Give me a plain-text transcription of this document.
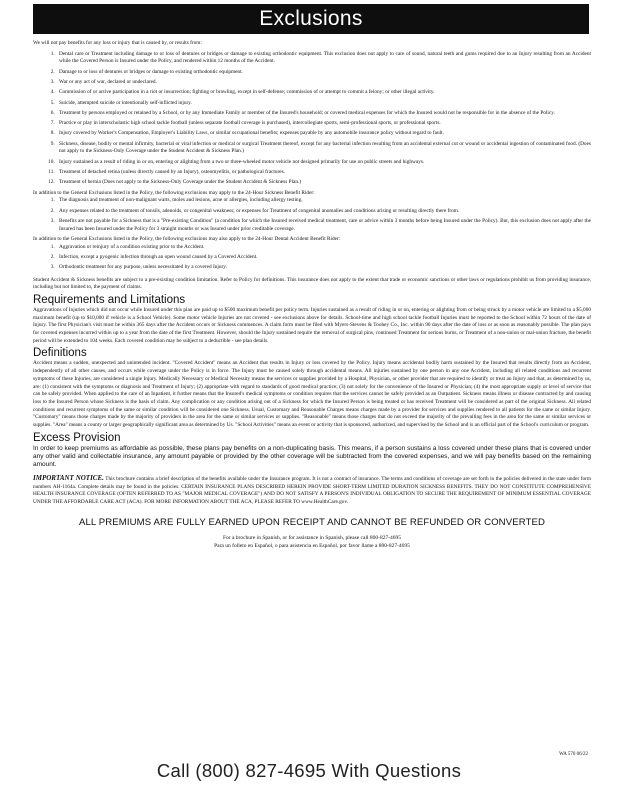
Exclusions

We will not pay benefits for any loss or injury that is caused by, or results from:

1. Dental care or Treatment including damage to or loss of dentures or bridges or damage to existing orthodontic equipment. This exclusion does not apply to care of sound, natural teeth and gums required due to an Injury resulting from an Accident while the Covered Person is Insured under the Policy, and rendered within 12 months of the Accident.
2. Damage to or loss of dentures or bridges or damage to existing orthodontic equipment.
3. War or any act of war, declared or undeclared.
4. Commission of or active participation in a riot or insurrection; fighting or brawling, except in self-defense; commission of or attempt to commit a felony; or other illegal activity.
5. Suicide, attempted suicide or intentionally self-inflicted injury.
6. Treatment by persons employed or retained by a School, or by any Immediate Family or member of the Insured's household; or covered medical expenses for which the Insured would not be responsible for in the absence of the Policy.
7. Practice or play in interscholastic high school tackle football (unless separate football coverage is purchased), intercollegiate sports, semi-professional sports, or professional sports.
8. Injury covered by Worker's Compensation, Employer's Liability Laws, or similar occupational benefits; expenses payable by any automobile insurance policy without regard to fault.
9. Sickness, disease, bodily or mental infirmity, bacterial or viral infection or medical or surgical Treatment thereof, except for any bacterial infection resulting from an accidental external cut or wound or accidental ingestion of contaminated food. (Does not apply to the Sickness-Only Coverage under the Student Accident & Sickness Plan.)
10. Injury sustained as a result of riding in or on, entering or alighting from a two or three-wheeled motor vehicle not designed primarily for use on public streets and highways.
11. Treatment of detached retina (unless directly caused by an Injury), osteomyelitis, or pathological fractures.
12. Treatment of hernia (Does not apply to the Sickness-Only Coverage under the Student Accident & Sickness Plan.)

In addition to the General Exclusions listed in the Policy, the following exclusions may apply to the 24-Hour Sickness Benefit Rider:

1. The diagnosis and treatment of non-malignant warts, moles and lesions, acne or allergies, including allergy testing.
2. Any expenses related to the treatment of tonsils, adenoids, or congenital weakness; or expenses for Treatment of congenital anomalies and conditions arising or resulting directly there from.
3. Benefits are not payable for a Sickness that is a "Pre-existing Condition" (a condition for which the Insured received medical treatment, care or advice within 3 months before being Insured under the Policy). But, this exclusion does not apply after the Insured has been Insured under the Policy for 3 straight months or was Insured under prior creditable coverage.

In addition to the General Exclusions listed in the Policy, the following exclusions may also apply to the 24-Hour Dental Accident Benefit Rider:

1. Aggravation or reinjury of a condition existing prior to the Accident.
2. Infection, except a pyogenic infection through an open wound caused by a Covered Accident.
3. Orthodontic treatment for any purpose, unless necessitated by a covered Injury.

Student Accident & Sickness benefits are subject to a pre-existing condition limitation. Refer to Policy for definitions. This insurance does not apply to the extent that trade or economic sanctions or other laws or regulations prohibit us from providing insurance, including but not limited to, the payment of claims.

Requirements and Limitations

Aggravations of Injuries which did not occur while Insured under this plan are paid up to $500 maximum benefit per policy term. Injuries sustained as a result of riding in or on, entering or alighting from or being struck by a motor vehicle are limited to a $5,000 maximum benefit (up to $10,000 if vehicle is a School Vehicle). Some motor vehicle Injuries are not covered - see exclusions above for details. School-time and high school tackle football Injuries must be reported to the School within 72 hours of the date of Injury. The first Physician's visit must be within 365 days after the Accident occurs or Sickness commences. A claim form must be filed with Myers-Stevens & Toohey Co., Inc. within 90 days after the date of loss or as soon as reasonably possible. The plan pays for covered expenses incurred within up to a year from the date of the first Treatment. However, should the Injury sustained require the removal of surgical pins, continued Treatment for serious burns, or Treatment of a non-union or mal-union fracture, the benefit period will be extended to 104 weeks. Each covered condition may be subject to a deductible - see plan details.

Definitions

Accident means a sudden, unexpected and unintended incident. "Covered Accident" means an Accident that results in Injury or loss covered by the Policy. Injury means accidental bodily harm sustained by the Insured that results directly from an Accident, independently of all other causes, and occurs while coverage under the Policy is in force. The Injury must be caused solely through accidental means. All injuries sustained by one person in any one Accident, including all related conditions and recurrent symptoms of these Injuries, are considered a single Injury. Medically Necessary or Medical Necessity means the services or supplies provided by a Hospital, Physician, or other provider that are required to identify or treat an Injury and that, as determined by us, are: (1) consistent with the symptoms or diagnosis and Treatment of Injury; (2) appropriate with regard to standards of good medical practice; (3) not solely for the convenience of the Insured or Physician; (4) the most appropriate supply or level of service that can be safely provided. When applied to the care of an Inpatient, it further means that the Insured's medical symptoms or condition requires that the services cannot be safely provided as an Outpatient. Sickness means illness or disease contracted by and causing loss to the Insured Person whose Sickness is the basis of claim. Any complication or any condition arising out of a Sickness for which the Insured Person is being treated or has received Treatment will be considered as part of the original Sickness. All related conditions and recurrent symptoms of the same or similar condition will be considered one Sickness. Usual, Customary and Reasonable Charges means charges made by a provider for services and supplies rendered to all patients for the same or similar Injury. "Customary" means those charges made by the majority of providers in the area for the same or similar services or supplies. "Reasonable" means those charges that do not exceed the majority of the prevailing fees in the area for the same or similar services or supplies. "Area" means a county or larger geographically significant area as determined by Us. "School Activities" means an event or activity that is sponsored, authorized, and supervised by the School and is an official part of the School's curriculum or program.

Excess Provision

In order to keep premiums as affordable as possible, these plans pay benefits on a non-duplicating basis. This means, if a person sustains a loss covered under these plans that is covered under any other valid and collectable insurance, any amount payable or provided by the other coverage will be subtracted from the covered expenses, and we will pay benefits based on the remaining amount.

IMPORTANT NOTICE. This brochure contains a brief description of the benefits available under the Insurance program. It is not a contract of insurance. The terms and conditions of coverage are set forth in the policies delivered in the state under form numbers AH-1164a. Complete details may be found in the policies. CERTAIN INSURANCE PLANS DESCRIBED HEREIN PROVIDE SHORT-TERM LIMITED DURATION SICKNESS BENEFITS. THEY DO NOT CONSTITUTE COMPREHENSIVE HEALTH INSURANCE COVERAGE (OFTEN REFERRED TO AS "MAJOR MEDICAL COVERAGE") AND DO NOT SATISFY A PERSON'S INDIVIDUAL OBLIGATION TO SECURE THE REQUIREMENT OF MINIMUM ESSENTIAL COVERAGE UNDER THE AFFORDABLE CARE ACT (ACA). FOR MORE INFORMATION ABOUT THE ACA, PLEASE REFER TO www.HealthCare.gov.

ALL PREMIUMS ARE FULLY EARNED UPON RECEIPT AND CANNOT BE REFUNDED OR CONVERTED
For a brochure in Spanish, or for assistance in Spanish, please call 800-827-4695
Para un folleto en Español, o para asistencia en Español, por favor llame a 800-827-4695
WA 570 06/22
Call (800) 827-4695 With Questions
